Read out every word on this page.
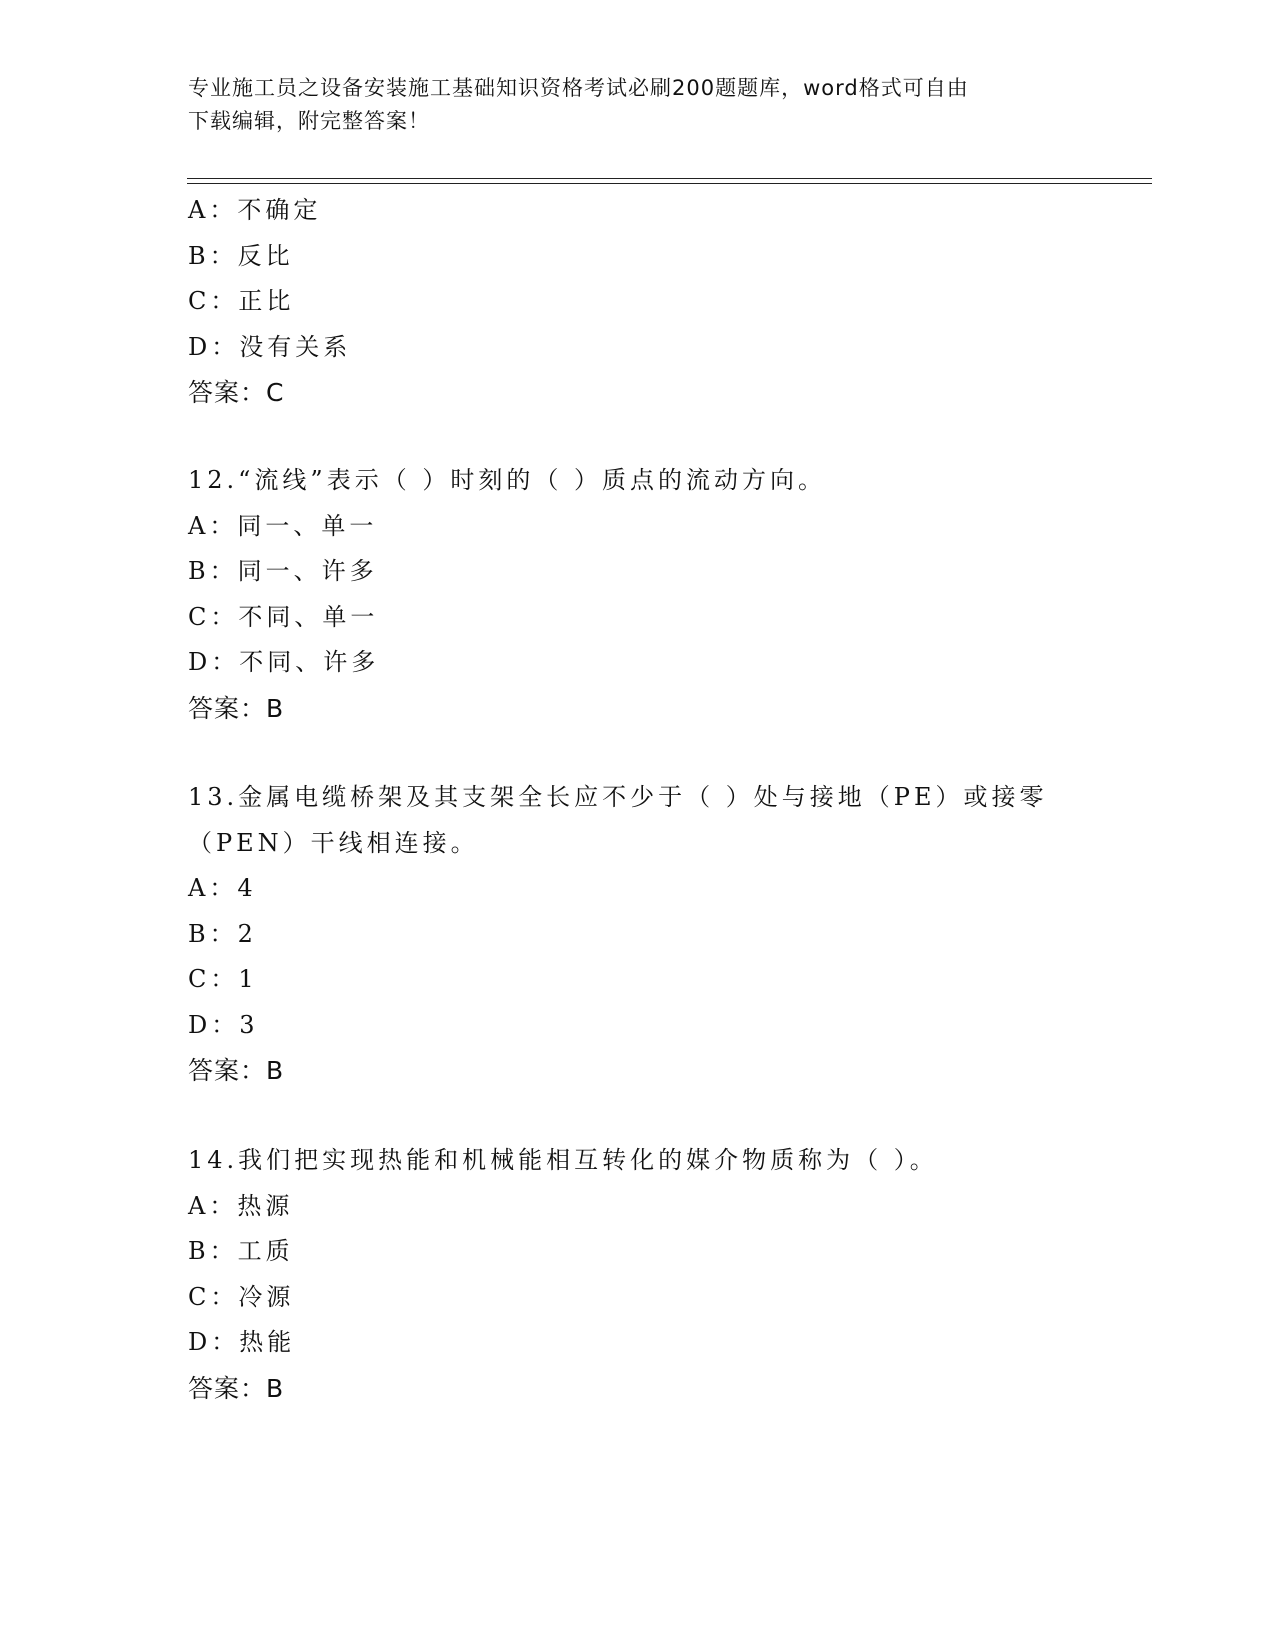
专业施工员之设备安装施工基础知识资格考试必刷200题题库，word格式可自由
下载编辑，附完整答案！
A：不确定
B：反比
C：正比
D：没有关系
答案：C
12.“流线”表示（ ）时刻的（ ）质点的流动方向。
A：同一、单一
B：同一、许多
C：不同、单一
D：不同、许多
答案：B
13.金属电缆桥架及其支架全长应不少于（ ）处与接地（PE）或接零
（PEN）干线相连接。
A：4
B：2
C：1
D：3
答案：B
14.我们把实现热能和机械能相互转化的媒介物质称为（ ）。
A：热源
B：工质
C：冷源
D：热能
答案：B
